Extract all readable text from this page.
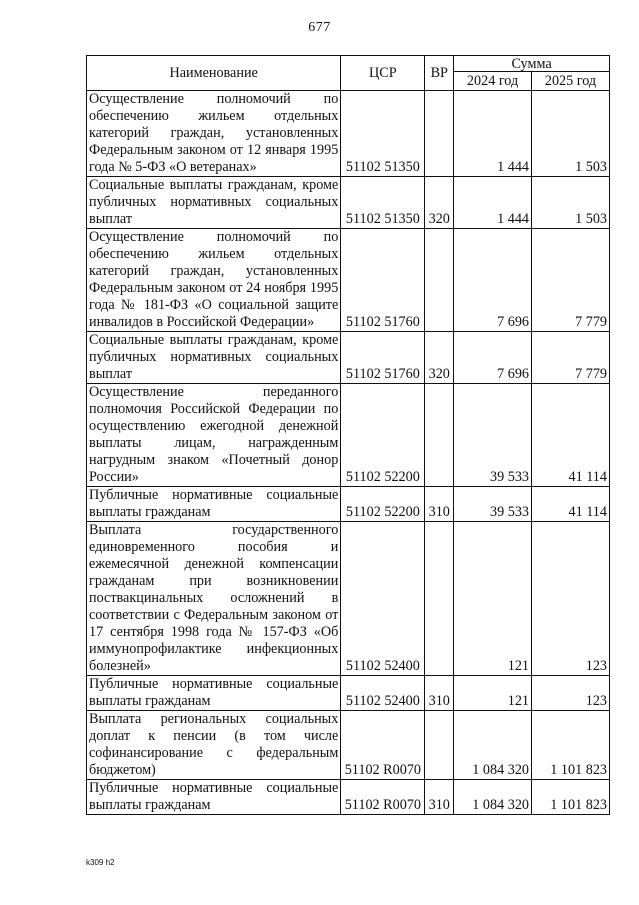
677
Наименование	ЦСР	ВР	Сумма	
			2024 год	2025 год
Осуществление полномочий по обеспечению жильем отдельных категорий граждан, установленных Федеральным законом от 12 января 1995 года № 5-ФЗ «О ветеранах»	51102 51350		1 444	1 503
Социальные выплаты гражданам, кроме публичных нормативных социальных выплат	51102 51350	320	1 444	1 503
Осуществление полномочий по обеспечению жильем отдельных категорий граждан, установленных Федеральным законом от 24 ноября 1995 года № 181-ФЗ «О социальной защите инвалидов в Российской Федерации»	51102 51760		7 696	7 779
Социальные выплаты гражданам, кроме публичных нормативных социальных выплат	51102 51760	320	7 696	7 779
Осуществление переданного полномочия Российской Федерации по осуществлению ежегодной денежной выплаты лицам, награжденным нагрудным знаком «Почетный донор России»	51102 52200		39 533	41 114
Публичные нормативные социальные выплаты гражданам	51102 52200	310	39 533	41 114
Выплата государственного единовременного пособия и ежемесячной денежной компенсации гражданам при возникновении поствакцинальных осложнений в соответствии с Федеральным законом от 17 сентября 1998 года № 157-ФЗ «Об иммунопрофилактике инфекционных болезней»	51102 52400		121	123
Публичные нормативные социальные выплаты гражданам	51102 52400	310	121	123
Выплата региональных социальных доплат к пенсии (в том числе софинансирование с федеральным бюджетом)	51102 R0070		1 084 320	1 101 823
Публичные нормативные социальные выплаты гражданам	51102 R0070	310	1 084 320	1 101 823
k309 h2
